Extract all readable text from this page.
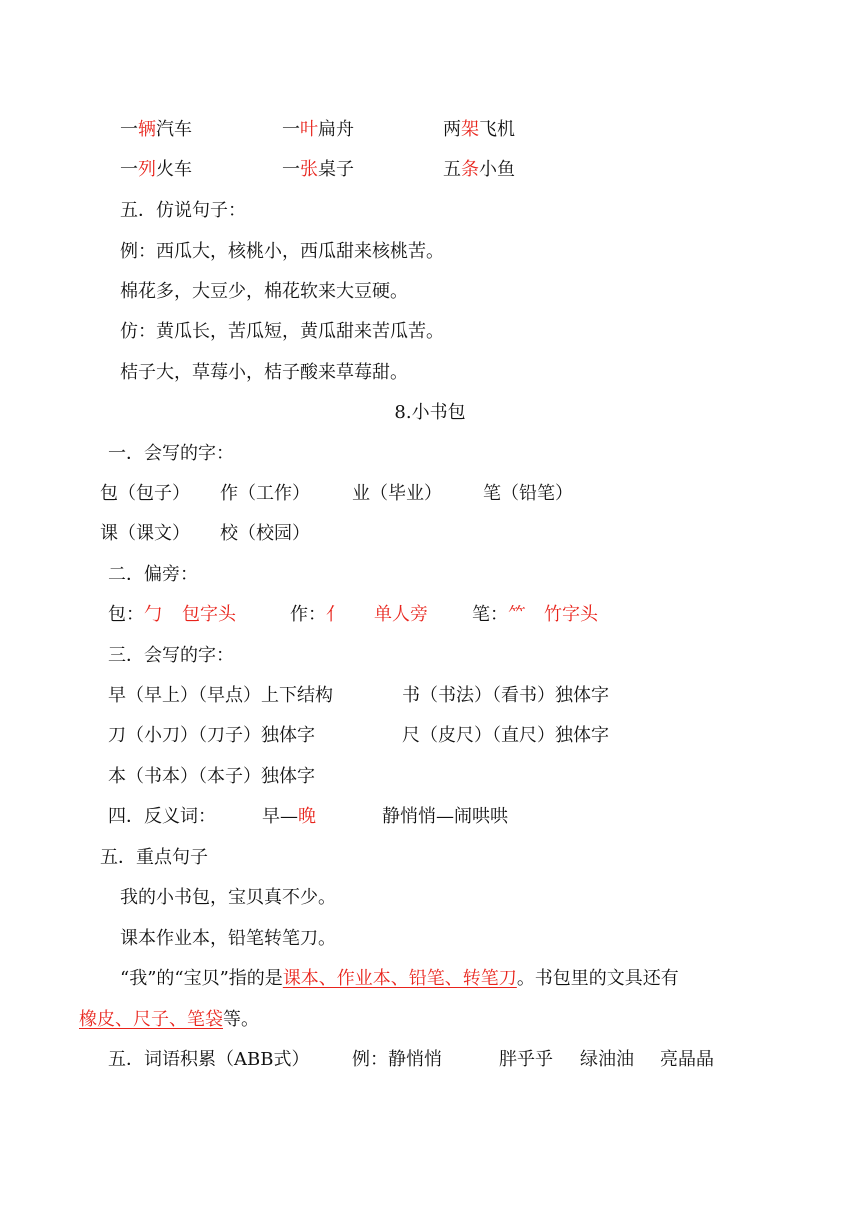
一辆汽车	一叶扁舟	两架飞机
一列火车	一张桌子	五条小鱼
五．仿说句子：
例：西瓜大，核桃小，西瓜甜来核桃苦。
棉花多，大豆少，棉花软来大豆硬。
仿：黄瓜长，苦瓜短，黄瓜甜来苦瓜苦。
桔子大，草莓小，桔子酸来草莓甜。
8.小书包
一．会写的字：
包（包子） 作（工作） 业（毕业） 笔（铅笔）
课（课文） 校（校园）
二．偏旁：
包：勹 包字头	作：亻 单人旁 笔：⺮ 竹字头
三．会写的字：
早（早上）（早点）上下结构	书（书法）（看书）独体字
刀（小刀）（刀子）独体字	尺（皮尺）（直尺）独体字
本（书本）（本子）独体字
四．反义词：	早—晚	静悄悄—闹哄哄
五．重点句子
我的小书包，宝贝真不少。
课本作业本，铅笔转笔刀。
“我”的“宝贝”指的是课本、作业本、铅笔、转笔刀。书包里的文具还有
橡皮、尺子、笔袋等。
五．词语积累（ABB式） 例：静悄悄	胖乎乎 绿油油 亮晶晶
